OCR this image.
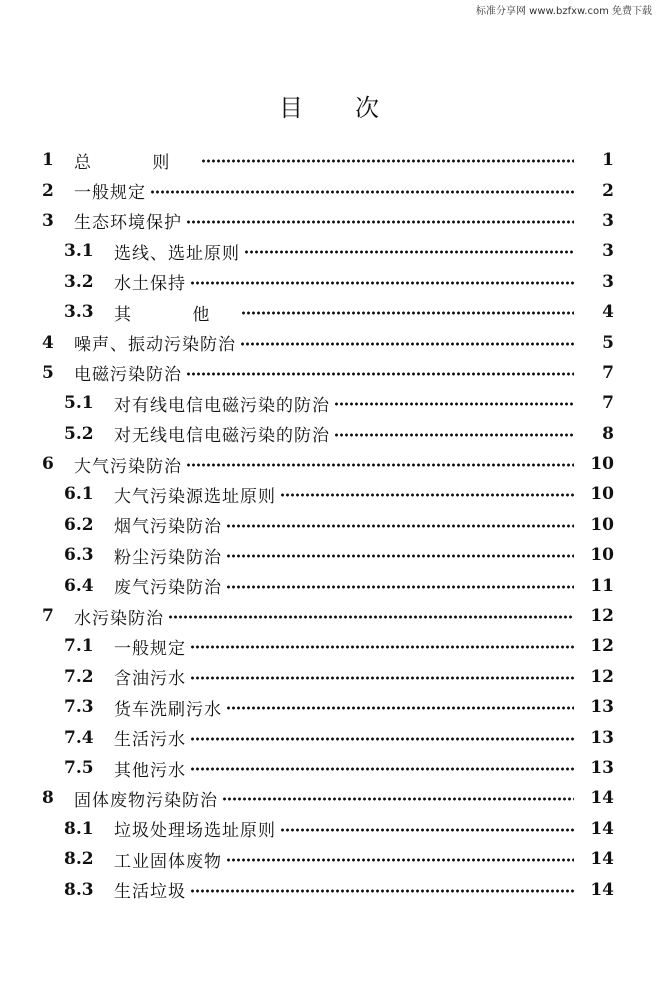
标准分享网 www.bzfxw.com 免费下载
目次
1	总 则	1
2	一般规定	2
3	生态环境保护	3
3.1	选线、选址原则	3
3.2	水土保持	3
3.3	其 他	4
4	噪声、振动污染防治	5
5	电磁污染防治	7
5.1	对有线电信电磁污染的防治	7
5.2	对无线电信电磁污染的防治	8
6	大气污染防治	10
6.1	大气污染源选址原则	10
6.2	烟气污染防治	10
6.3	粉尘污染防治	10
6.4	废气污染防治	11
7	水污染防治	12
7.1	一般规定	12
7.2	含油污水	12
7.3	货车洗刷污水	13
7.4	生活污水	13
7.5	其他污水	13
8	固体废物污染防治	14
8.1	垃圾处理场选址原则	14
8.2	工业固体废物	14
8.3	生活垃圾	14
